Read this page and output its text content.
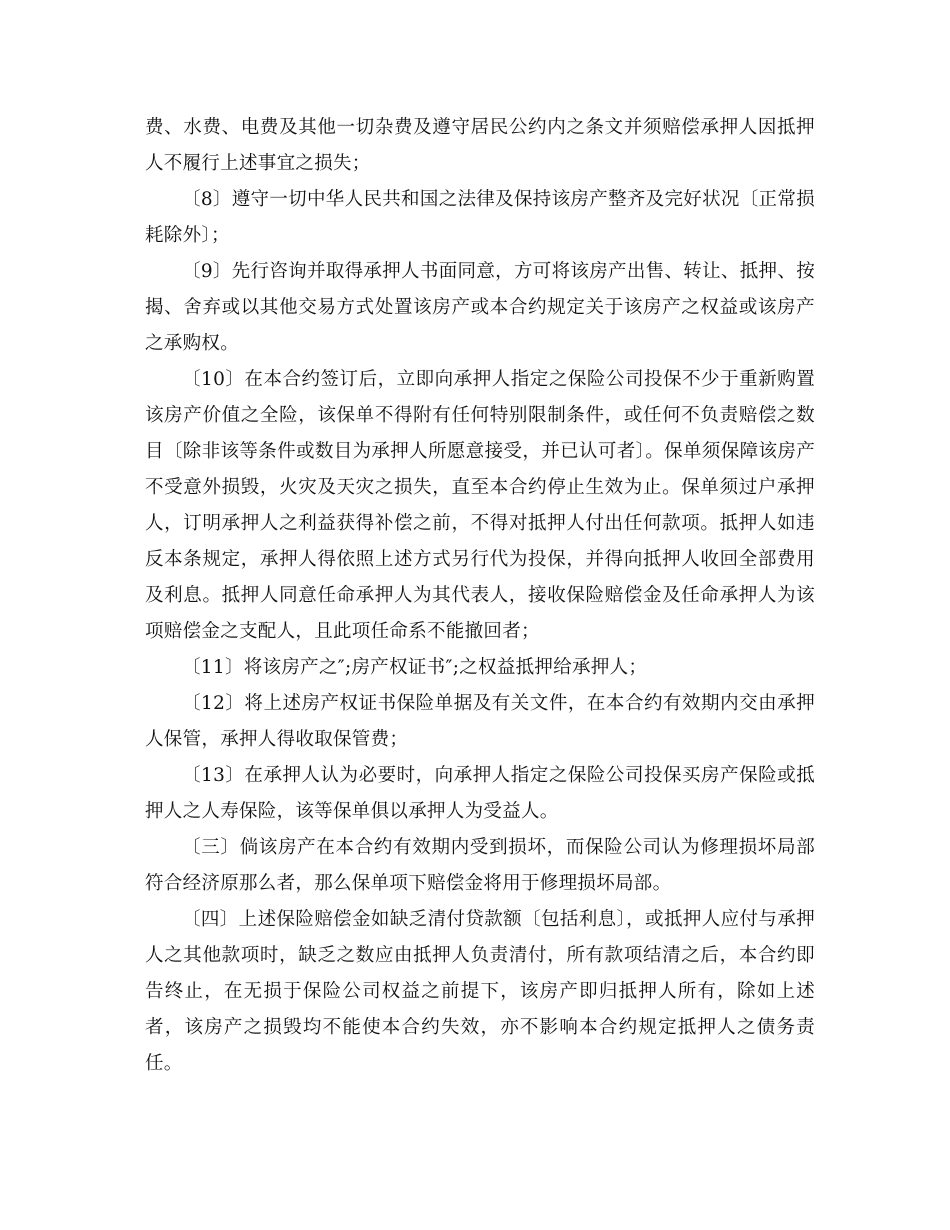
费、水费、电费及其他一切杂费及遵守居民公约内之条文并须赔偿承押人因抵押人不履行上述事宜之损失；

〔8〕遵守一切中华人民共和国之法律及保持该房产整齐及完好状况〔正常损耗除外〕；

〔9〕先行咨询并取得承押人书面同意，方可将该房产出售、转让、抵押、按揭、舍弃或以其他交易方式处置该房产或本合约规定关于该房产之权益或该房产之承购权。

〔10〕在本合约签订后，立即向承押人指定之保险公司投保不少于重新购置该房产价值之全险，该保单不得附有任何特别限制条件，或任何不负责赔偿之数目〔除非该等条件或数目为承押人所愿意接受，并已认可者〕。保单须保障该房产不受意外损毁，火灾及天灾之损失，直至本合约停止生效为止。保单须过户承押人，订明承押人之利益获得补偿之前，不得对抵押人付出任何款项。抵押人如违反本条规定，承押人得依照上述方式另行代为投保，并得向抵押人收回全部费用及利息。抵押人同意任命承押人为其代表人，接收保险赔偿金及任命承押人为该项赔偿金之支配人，且此项任命系不能撤回者；

〔11〕将该房产之″;房产权证书″;之权益抵押给承押人；

〔12〕将上述房产权证书保险单据及有关文件，在本合约有效期内交由承押人保管，承押人得收取保管费；

〔13〕在承押人认为必要时，向承押人指定之保险公司投保买房产保险或抵押人之人寿保险，该等保单俱以承押人为受益人。

〔三〕倘该房产在本合约有效期内受到损坏，而保险公司认为修理损坏局部符合经济原那么者，那么保单项下赔偿金将用于修理损坏局部。

〔四〕上述保险赔偿金如缺乏清付贷款额〔包括利息〕，或抵押人应付与承押人之其他款项时，缺乏之数应由抵押人负责清付，所有款项结清之后，本合约即告终止，在无损于保险公司权益之前提下，该房产即归抵押人所有，除如上述者，该房产之损毁均不能使本合约失效，亦不影响本合约规定抵押人之债务责任。
